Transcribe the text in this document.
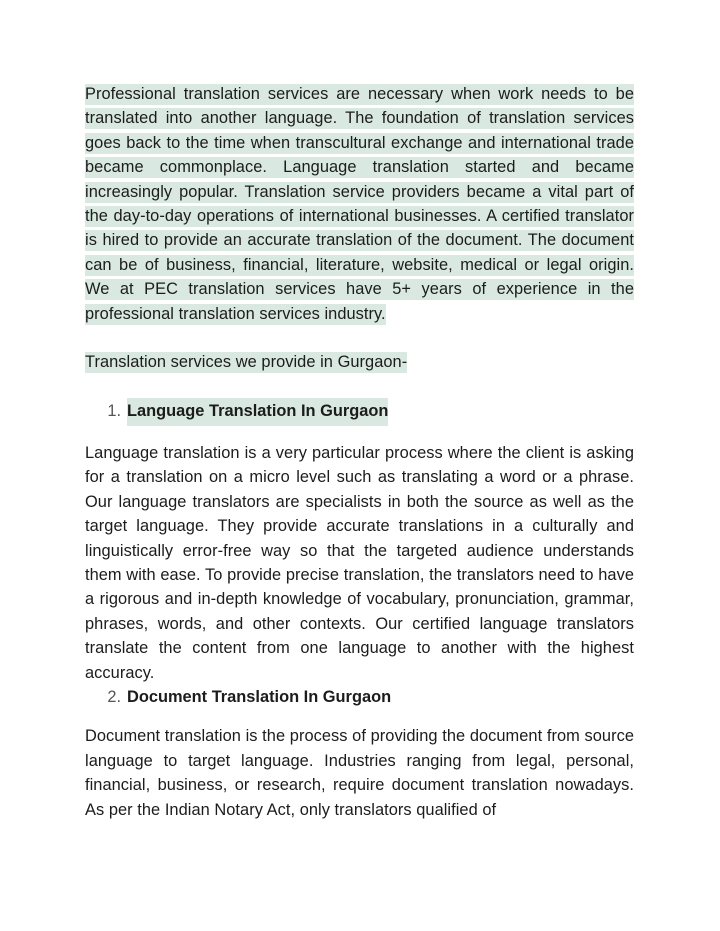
Professional translation services are necessary when work needs to be translated into another language. The foundation of translation services goes back to the time when transcultural exchange and international trade became commonplace. Language translation started and became increasingly popular. Translation service providers became a vital part of the day-to-day operations of international businesses. A certified translator is hired to provide an accurate translation of the document. The document can be of business, financial, literature, website, medical or legal origin. We at PEC translation services have 5+ years of experience in the professional translation services industry.

Translation services we provide in Gurgaon-

1. Language Translation In Gurgaon

Language translation is a very particular process where the client is asking for a translation on a micro level such as translating a word or a phrase. Our language translators are specialists in both the source as well as the target language. They provide accurate translations in a culturally and linguistically error-free way so that the targeted audience understands them with ease. To provide precise translation, the translators need to have a rigorous and in-depth knowledge of vocabulary, pronunciation, grammar, phrases, words, and other contexts. Our certified language translators translate the content from one language to another with the highest accuracy.

2. Document Translation In Gurgaon

Document translation is the process of providing the document from source language to target language. Industries ranging from legal, personal, financial, business, or research, require document translation nowadays. As per the Indian Notary Act, only translators qualified of
